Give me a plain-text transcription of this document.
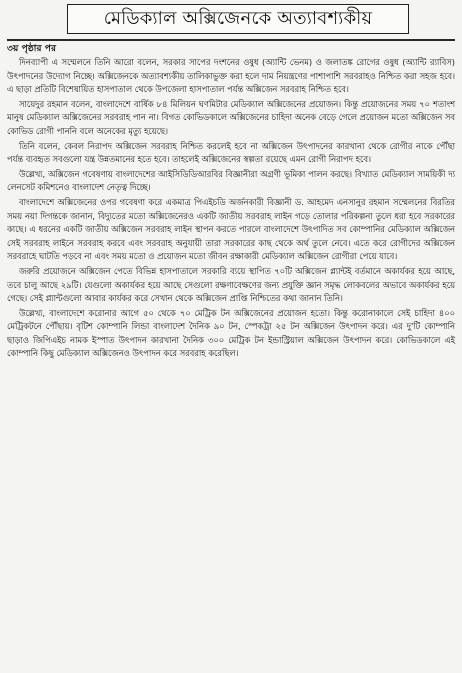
মেডিক্যাল অক্সিজেনকে অত্যাবশ্যকীয়
৩য় পৃষ্ঠার পর

দিনব্যাপী এ সম্মেলনে তিনি আরো বলেন, সরকার সাপের দংশনের ওষুধ (অ্যান্টি ভেনম) ও জলাতঙ্ক রোগের ওষুধ (অ্যান্টি র‍্যাবিস) উৎপাদনের উদ্যোগ নিচ্ছে। অক্সিজেনকে অত্যাবশ্যকীয় তালিকাভুক্ত করা হলে দাম নিয়ন্ত্রণের পাশাপাশি সরবরাহও নিশ্চিত করা সহজ হবে। এ ছাড়া প্রতিটি বিশেষায়িত হাসপাতাল থেকে উপজেলা হাসপাতাল পর্যন্ত অক্সিজেন সরবরাহ নিশ্চিত হবে।

সায়েদুর রহমান বলেন, বাংলাদেশে বার্ষিক ৮৪ মিলিয়ন ঘণমিটার মেডিক্যাল অক্সিজেনের প্রয়োজন। কিন্তু প্রয়োজনের সময় ৭০ শতাংশ মানুষ মেডিক্যাল অক্সিজেনের সরবরাহ পান না। বিগত কোভিডকালে অক্সিজেনের চাহিদা অনেক বেড়ে গেলে প্রয়োজন মতো অক্সিজেন সব কোভিড রোগী পাননি বলে অনেকের মৃত্যু হয়েছে।

তিনি বলেন, কেবল নিরাপদ অক্সিজেন সরবরাহ নিশ্চিত করলেই হবে না অক্সিজেন উৎপাদনের কারখানা থেকে রোগীর নাকে পৌঁছা পর্যন্ত ব্যবহৃত সবগুলো যন্ত্র উন্নতমানের হতে হবে। তাহলেই অক্সিজেনের স্বল্পতা রয়েছে এমন রোগী নিরাপদ হবে।

উল্লেখ্য, অক্সিজেন গবেষণায় বাংলাদেশের আইসিডিডিআরবির বিজ্ঞানীরা অগ্রণী ভূমিকা পালন করছে। বিখ্যাত মেডিক্যাল সাময়িকী দ্য লেনসেট কমিশনেও বাংলাদেশ নেতৃত্ব দিচ্ছে।

বাংলাদেশে অক্সিজেনের ওপর গবেষণা করে একমাত্র পিএইচডি অর্জনকারী বিজ্ঞানী ড. আহমেদ এনসানুর রহমান সম্মেলনের বিরতির সময় নয়া দিগন্তকে জানান, বিদ্যুতের মতো অক্সিজেনেরও একটি জাতীয় সরবরাহ লাইন গড়ে তোলার পরিকল্পনা তুলে ধরা হবে সরকারের কাছে। এ ধরনের একটি জাতীয় অক্সিজেন সরবরাহ লাইন স্থাপন করতে পারলে বাংলাদেশে উৎপাদিত সব কোম্পানির মেডিক্যাল অক্সিজেন সেই সরবরাহ লাইনে সরবরাহ করবে এবং সরবরাহ অনুযায়ী তারা সরকারের কাছ থেকে অর্থ তুলে নেবে। এতে করে রোগীদের অক্সিজেন সরবরাহে ঘাটতি পড়বে না এবং সময় মতো ও প্রয়োজন মতো জীবন রক্ষাকারী মেডিক্যাল অক্সিজেন রোগীরা পেয়ে যাবে।

জরুরি প্রয়োজনে অক্সিজেন পেতে বিভিন্ন হাসপাতালে সরকারি ব্যয়ে স্থাপিত ৭০টি অক্সিজেন প্ল্যান্টই বর্তমানে অকার্যকর হয়ে আছে, তবে চালু আছে ২৯টি। যেগুলো অকার্যকর হয়ে আছে সেগুলো রক্ষণাবেক্ষণের জন্য প্রযুক্তি জ্ঞান সমৃদ্ধ লোকবলের অভাবে অকার্যকর হয়ে গেছে। সেই প্ল্যান্টগুলো আবার কার্যকর করে সেখান থেকে অক্সিজেন প্রাপ্তি নিশ্চিতের কথা জানান তিনি।

উল্লেখ্য, বাংলাদেশে করোনার আগে ৫০ থেকে ৭০ মেট্রিক টন অক্সিজেনের প্রয়োজন হতো। কিন্তু করোনাকালে সেই চাহিদা ৪০০ মেট্রিকটনে পৌঁছায়। বৃটিশ কোম্পানি লিন্ডা বাংলাদেশ দৈনিক ৯০ টন, স্পেকট্রা ২৫ টন অক্সিজেন উৎপাদন করে। এর দু'টি কোম্পানি ছাড়াও জিপিএইচ নামক ইস্পাত উৎপাদন কারখানা দৈনিক ৩০০ মেট্রিক টন ইন্ডাস্ট্রিয়াল অক্সিজেন উৎপাদন করে। কোভিডকালে এই কোম্পানি কিছু মেডিক্যাল অক্সিজেনও উৎপাদন করে সরবরাহ করেছিল।
